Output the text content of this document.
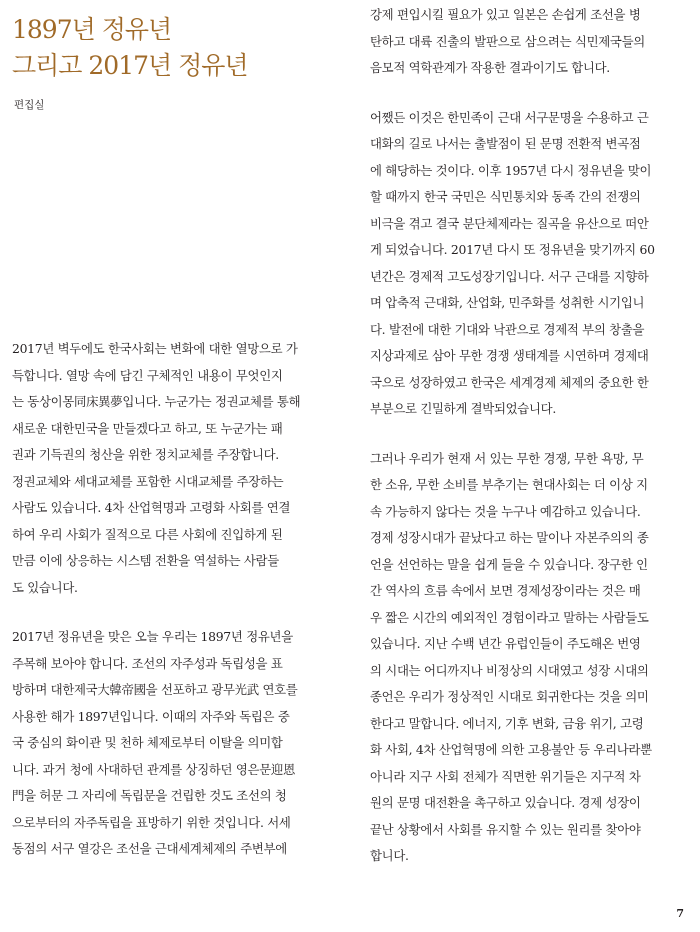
1897년 정유년
그리고 2017년 정유년
편집실
2017년 벽두에도 한국사회는 변화에 대한 열망으로 가
득합니다. 열망 속에 담긴 구체적인 내용이 무엇인지
는 동상이몽同床異夢입니다. 누군가는 정권교체를 통해
새로운 대한민국을 만들겠다고 하고, 또 누군가는 패
권과 기득권의 청산을 위한 정치교체를 주장합니다.
정권교체와 세대교체를 포함한 시대교체를 주장하는
사람도 있습니다. 4차 산업혁명과 고령화 사회를 연결
하여 우리 사회가 질적으로 다른 사회에 진입하게 된
만큼 이에 상응하는 시스템 전환을 역설하는 사람들
도 있습니다.
2017년 정유년을 맞은 오늘 우리는 1897년 정유년을
주목해 보아야 합니다. 조선의 자주성과 독립성을 표
방하며 대한제국大韓帝國을 선포하고 광무光武 연호를
사용한 해가 1897년입니다. 이때의 자주와 독립은 중
국 중심의 화이관 및 천하 체제로부터 이탈을 의미합
니다. 과거 청에 사대하던 관계를 상징하던 영은문迎恩
門을 허문 그 자리에 독립문을 건립한 것도 조선의 청
으로부터의 자주독립을 표방하기 위한 것입니다. 서세
동점의 서구 열강은 조선을 근대세계체제의 주변부에
강제 편입시킬 필요가 있고 일본은 손쉽게 조선을 병
탄하고 대륙 진출의 발판으로 삼으려는 식민제국들의
음모적 역학관계가 작용한 결과이기도 합니다.
어쨌든 이것은 한민족이 근대 서구문명을 수용하고 근
대화의 길로 나서는 출발점이 된 문명 전환적 변곡점
에 해당하는 것이다. 이후 1957년 다시 정유년을 맞이
할 때까지 한국 국민은 식민통치와 동족 간의 전쟁의
비극을 겪고 결국 분단체제라는 질곡을 유산으로 떠안
게 되었습니다. 2017년 다시 또 정유년을 맞기까지 60
년간은 경제적 고도성장기입니다. 서구 근대를 지향하
며 압축적 근대화, 산업화, 민주화를 성취한 시기입니
다. 발전에 대한 기대와 낙관으로 경제적 부의 창출을
지상과제로 삼아 무한 경쟁 생태계를 시연하며 경제대
국으로 성장하였고 한국은 세계경제 체제의 중요한 한
부분으로 긴밀하게 결박되었습니다.
그러나 우리가 현재 서 있는 무한 경쟁, 무한 욕망, 무
한 소유, 무한 소비를 부추기는 현대사회는 더 이상 지
속 가능하지 않다는 것을 누구나 예감하고 있습니다.
경제 성장시대가 끝났다고 하는 말이나 자본주의의 종
언을 선언하는 말을 쉽게 들을 수 있습니다. 장구한 인
간 역사의 흐름 속에서 보면 경제성장이라는 것은 매
우 짧은 시간의 예외적인 경험이라고 말하는 사람들도
있습니다. 지난 수백 년간 유럽인들이 주도해온 번영
의 시대는 어디까지나 비정상의 시대였고 성장 시대의
종언은 우리가 정상적인 시대로 회귀한다는 것을 의미
한다고 말합니다. 에너지, 기후 변화, 금융 위기, 고령
화 사회, 4차 산업혁명에 의한 고용불안 등 우리나라뿐
아니라 지구 사회 전체가 직면한 위기들은 지구적 차
원의 문명 대전환을 촉구하고 있습니다. 경제 성장이
끝난 상황에서 사회를 유지할 수 있는 원리를 찾아야
합니다.
7
